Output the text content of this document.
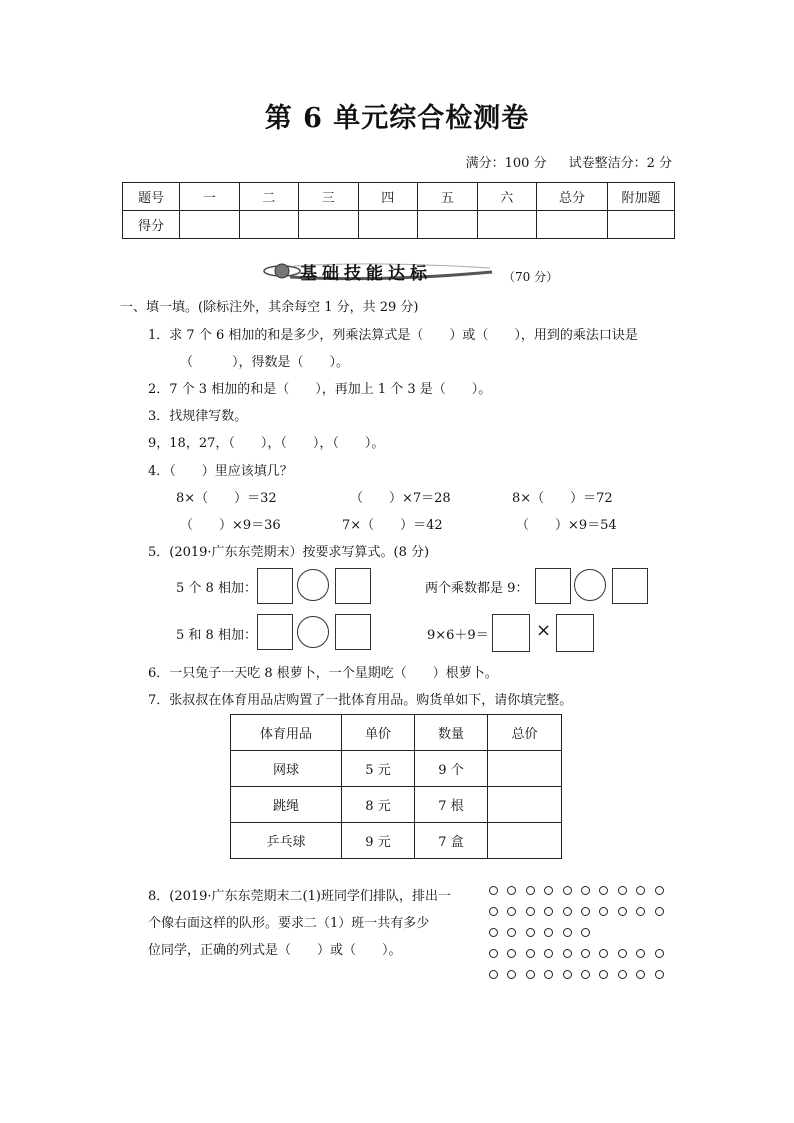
第 6 单元综合检测卷
满分：100 分 试卷整洁分：2 分
题号	一	二	三	四	五	六	总分	附加题
得分								
基础技能达标	（70 分）
一、填一填。(除标注外，其余每空 1 分，共 29 分)
1．求 7 个 6 相加的和是多少，列乘法算式是（　　）或（　　），用到的乘法口诀是
（　　　），得数是（　　）。
2．7 个 3 相加的和是（　　），再加上 1 个 3 是（　　）。
3．找规律写数。
9，18，27，（　　），（　　），（　　）。
4．（　　）里应该填几？
8×（　　）＝32	（　　）×7＝28	8×（　　）＝72
（　　）×9＝36	7×（　　）＝42	（　　）×9＝54
5．(2019·广东东莞期末）按要求写算式。(8 分)
5 个 8 相加：	两个乘数都是 9：
5 和 8 相加：	9×6＋9＝	×
6．一只兔子一天吃 8 根萝卜，一个星期吃（　　）根萝卜。
7．张叔叔在体育用品店购置了一批体育用品。购货单如下，请你填完整。
体育用品	单价	数量	总价
网球	5 元	9 个	
跳绳	8 元	7 根	
乒乓球	9 元	7 盒	
8．(2019·广东东莞期末二(1)班同学们排队，排出一
个像右面这样的队形。要求二（1）班一共有多少
位同学，正确的列式是（　　）或（　　）。
